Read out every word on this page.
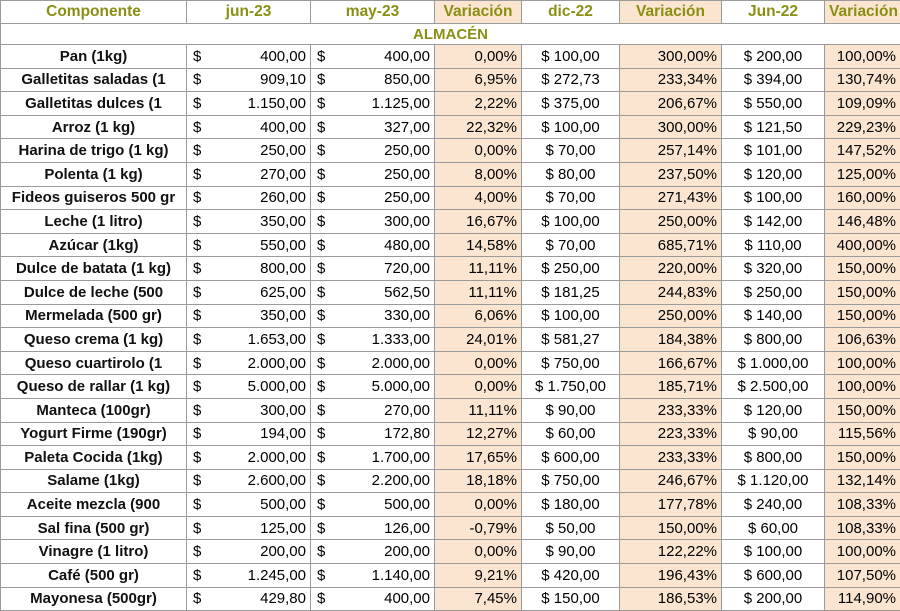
Componente	jun-23		may-23		Variación	dic-22	Variación	Jun-22	Variación
ALMACÉN									
Pan (1kg)	$	400,00	$	400,00	0,00%	$ 100,00	300,00%	$ 200,00	100,00%
Galletitas saladas (1	$	909,10	$	850,00	6,95%	$ 272,73	233,34%	$ 394,00	130,74%
Galletitas dulces (1	$	1.150,00	$	1.125,00	2,22%	$ 375,00	206,67%	$ 550,00	109,09%
Arroz (1 kg)	$	400,00	$	327,00	22,32%	$ 100,00	300,00%	$ 121,50	229,23%
Harina de trigo (1 kg)	$	250,00	$	250,00	0,00%	$ 70,00	257,14%	$ 101,00	147,52%
Polenta (1 kg)	$	270,00	$	250,00	8,00%	$ 80,00	237,50%	$ 120,00	125,00%
Fideos guiseros 500 gr	$	260,00	$	250,00	4,00%	$ 70,00	271,43%	$ 100,00	160,00%
Leche (1 litro)	$	350,00	$	300,00	16,67%	$ 100,00	250,00%	$ 142,00	146,48%
Azúcar (1kg)	$	550,00	$	480,00	14,58%	$ 70,00	685,71%	$ 110,00	400,00%
Dulce de batata (1 kg)	$	800,00	$	720,00	11,11%	$ 250,00	220,00%	$ 320,00	150,00%
Dulce de leche (500	$	625,00	$	562,50	11,11%	$ 181,25	244,83%	$ 250,00	150,00%
Mermelada (500 gr)	$	350,00	$	330,00	6,06%	$ 100,00	250,00%	$ 140,00	150,00%
Queso crema (1 kg)	$	1.653,00	$	1.333,00	24,01%	$ 581,27	184,38%	$ 800,00	106,63%
Queso cuartirolo (1	$	2.000,00	$	2.000,00	0,00%	$ 750,00	166,67%	$ 1.000,00	100,00%
Queso de rallar (1 kg)	$	5.000,00	$	5.000,00	0,00%	$ 1.750,00	185,71%	$ 2.500,00	100,00%
Manteca (100gr)	$	300,00	$	270,00	11,11%	$ 90,00	233,33%	$ 120,00	150,00%
Yogurt Firme (190gr)	$	194,00	$	172,80	12,27%	$ 60,00	223,33%	$ 90,00	115,56%
Paleta Cocida (1kg)	$	2.000,00	$	1.700,00	17,65%	$ 600,00	233,33%	$ 800,00	150,00%
Salame (1kg)	$	2.600,00	$	2.200,00	18,18%	$ 750,00	246,67%	$ 1.120,00	132,14%
Aceite mezcla (900	$	500,00	$	500,00	0,00%	$ 180,00	177,78%	$ 240,00	108,33%
Sal fina (500 gr)	$	125,00	$	126,00	-0,79%	$ 50,00	150,00%	$ 60,00	108,33%
Vinagre (1 litro)	$	200,00	$	200,00	0,00%	$ 90,00	122,22%	$ 100,00	100,00%
Café (500 gr)	$	1.245,00	$	1.140,00	9,21%	$ 420,00	196,43%	$ 600,00	107,50%
Mayonesa (500gr)	$	429,80	$	400,00	7,45%	$ 150,00	186,53%	$ 200,00	114,90%
